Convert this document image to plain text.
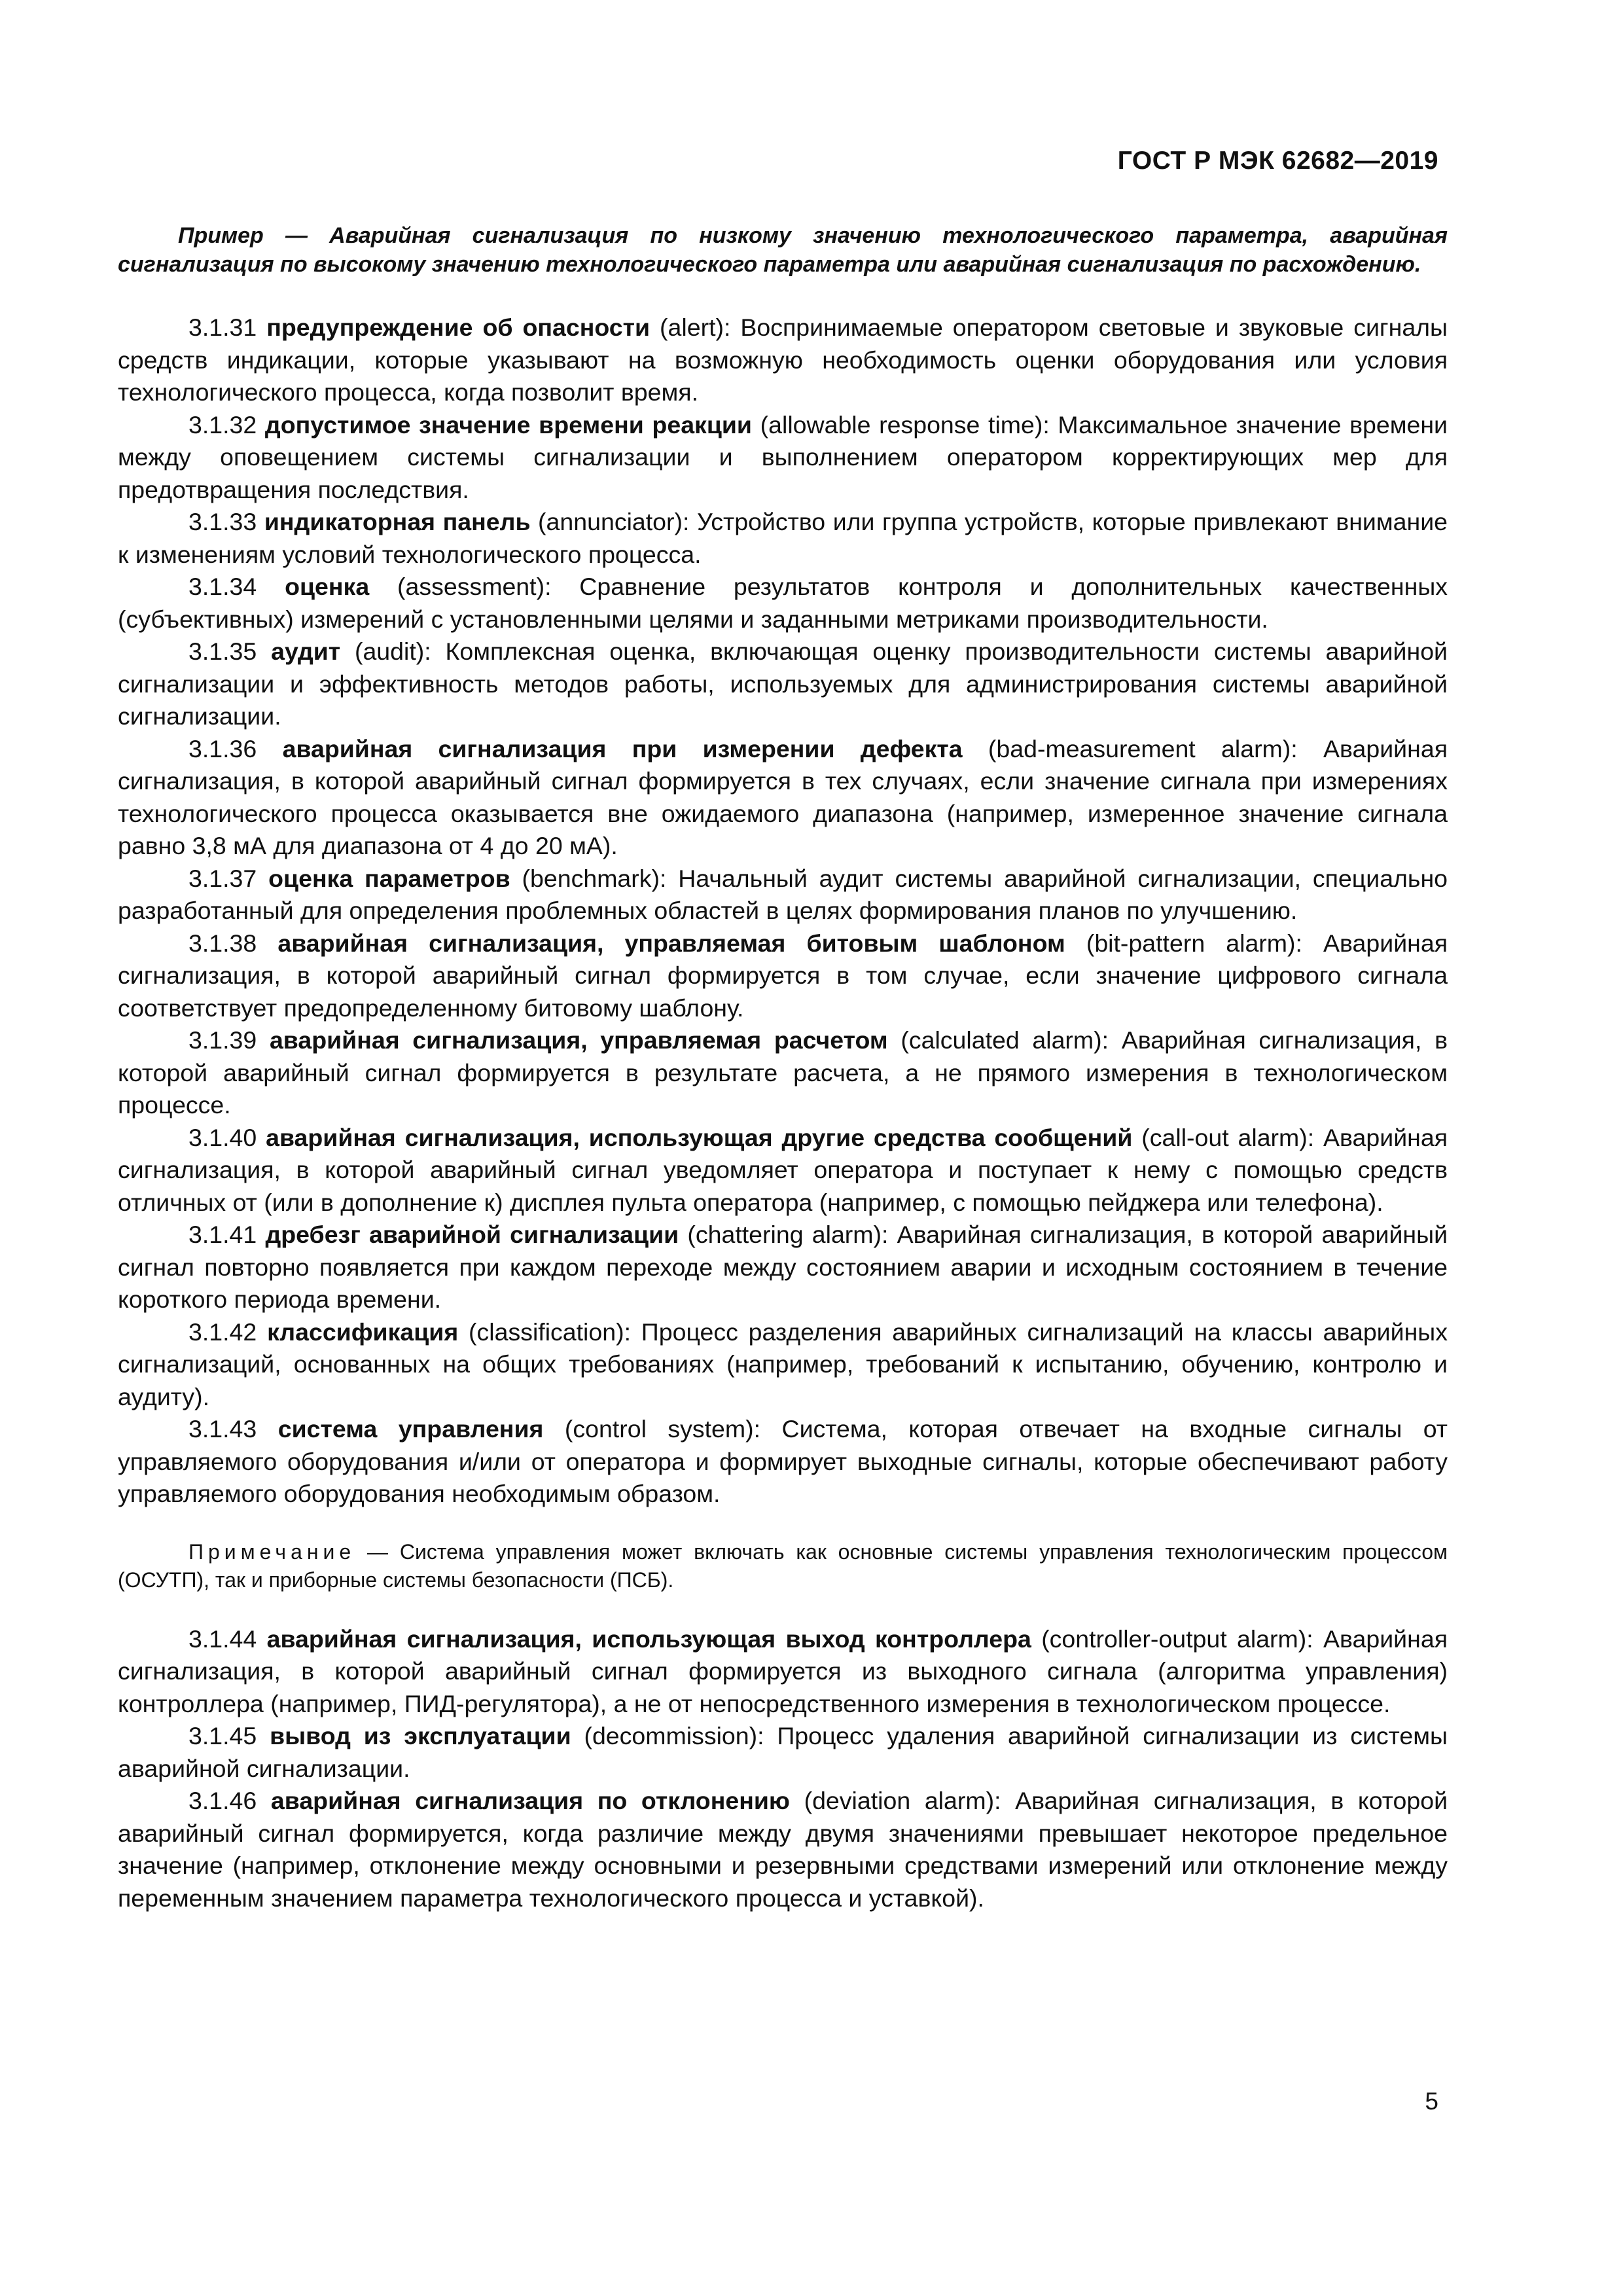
ГОСТ Р МЭК 62682—2019

Пример — Аварийная сигнализация по низкому значению технологического параметра, аварийная сигнализация по высокому значению технологического параметра или аварийная сигнализация по расхождению.

3.1.31 предупреждение об опасности (alert): Воспринимаемые оператором световые и звуковые сигналы средств индикации, которые указывают на возможную необходимость оценки оборудования или условия технологического процесса, когда позволит время.

3.1.32 допустимое значение времени реакции (allowable response time): Максимальное значение времени между оповещением системы сигнализации и выполнением оператором корректирующих мер для предотвращения последствия.

3.1.33 индикаторная панель (annunciator): Устройство или группа устройств, которые привлекают внимание к изменениям условий технологического процесса.

3.1.34 оценка (assessment): Сравнение результатов контроля и дополнительных качественных (субъективных) измерений с установленными целями и заданными метриками производительности.

3.1.35 аудит (audit): Комплексная оценка, включающая оценку производительности системы аварийной сигнализации и эффективность методов работы, используемых для администрирования системы аварийной сигнализации.

3.1.36 аварийная сигнализация при измерении дефекта (bad-measurement alarm): Аварийная сигнализация, в которой аварийный сигнал формируется в тех случаях, если значение сигнала при измерениях технологического процесса оказывается вне ожидаемого диапазона (например, измеренное значение сигнала равно 3,8 мА для диапазона от 4 до 20 мА).

3.1.37 оценка параметров (benchmark): Начальный аудит системы аварийной сигнализации, специально разработанный для определения проблемных областей в целях формирования планов по улучшению.

3.1.38 аварийная сигнализация, управляемая битовым шаблоном (bit-pattern alarm): Аварийная сигнализация, в которой аварийный сигнал формируется в том случае, если значение цифрового сигнала соответствует предопределенному битовому шаблону.

3.1.39 аварийная сигнализация, управляемая расчетом (calculated alarm): Аварийная сигнализация, в которой аварийный сигнал формируется в результате расчета, а не прямого измерения в технологическом процессе.

3.1.40 аварийная сигнализация, использующая другие средства сообщений (call-out alarm): Аварийная сигнализация, в которой аварийный сигнал уведомляет оператора и поступает к нему с помощью средств отличных от (или в дополнение к) дисплея пульта оператора (например, с помощью пейджера или телефона).

3.1.41 дребезг аварийной сигнализации (chattering alarm): Аварийная сигнализация, в которой аварийный сигнал повторно появляется при каждом переходе между состоянием аварии и исходным состоянием в течение короткого периода времени.

3.1.42 классификация (classification): Процесс разделения аварийных сигнализаций на классы аварийных сигнализаций, основанных на общих требованиях (например, требований к испытанию, обучению, контролю и аудиту).

3.1.43 система управления (control system): Система, которая отвечает на входные сигналы от управляемого оборудования и/или от оператора и формирует выходные сигналы, которые обеспечивают работу управляемого оборудования необходимым образом.

Примечание — Система управления может включать как основные системы управления технологическим процессом (ОСУТП), так и приборные системы безопасности (ПСБ).

3.1.44 аварийная сигнализация, использующая выход контроллера (controller-output alarm): Аварийная сигнализация, в которой аварийный сигнал формируется из выходного сигнала (алгоритма управления) контроллера (например, ПИД-регулятора), а не от непосредственного измерения в технологическом процессе.

3.1.45 вывод из эксплуатации (decommission): Процесс удаления аварийной сигнализации из системы аварийной сигнализации.

3.1.46 аварийная сигнализация по отклонению (deviation alarm): Аварийная сигнализация, в которой аварийный сигнал формируется, когда различие между двумя значениями превышает некоторое предельное значение (например, отклонение между основными и резервными средствами измерений или отклонение между переменным значением параметра технологического процесса и уставкой).

5
